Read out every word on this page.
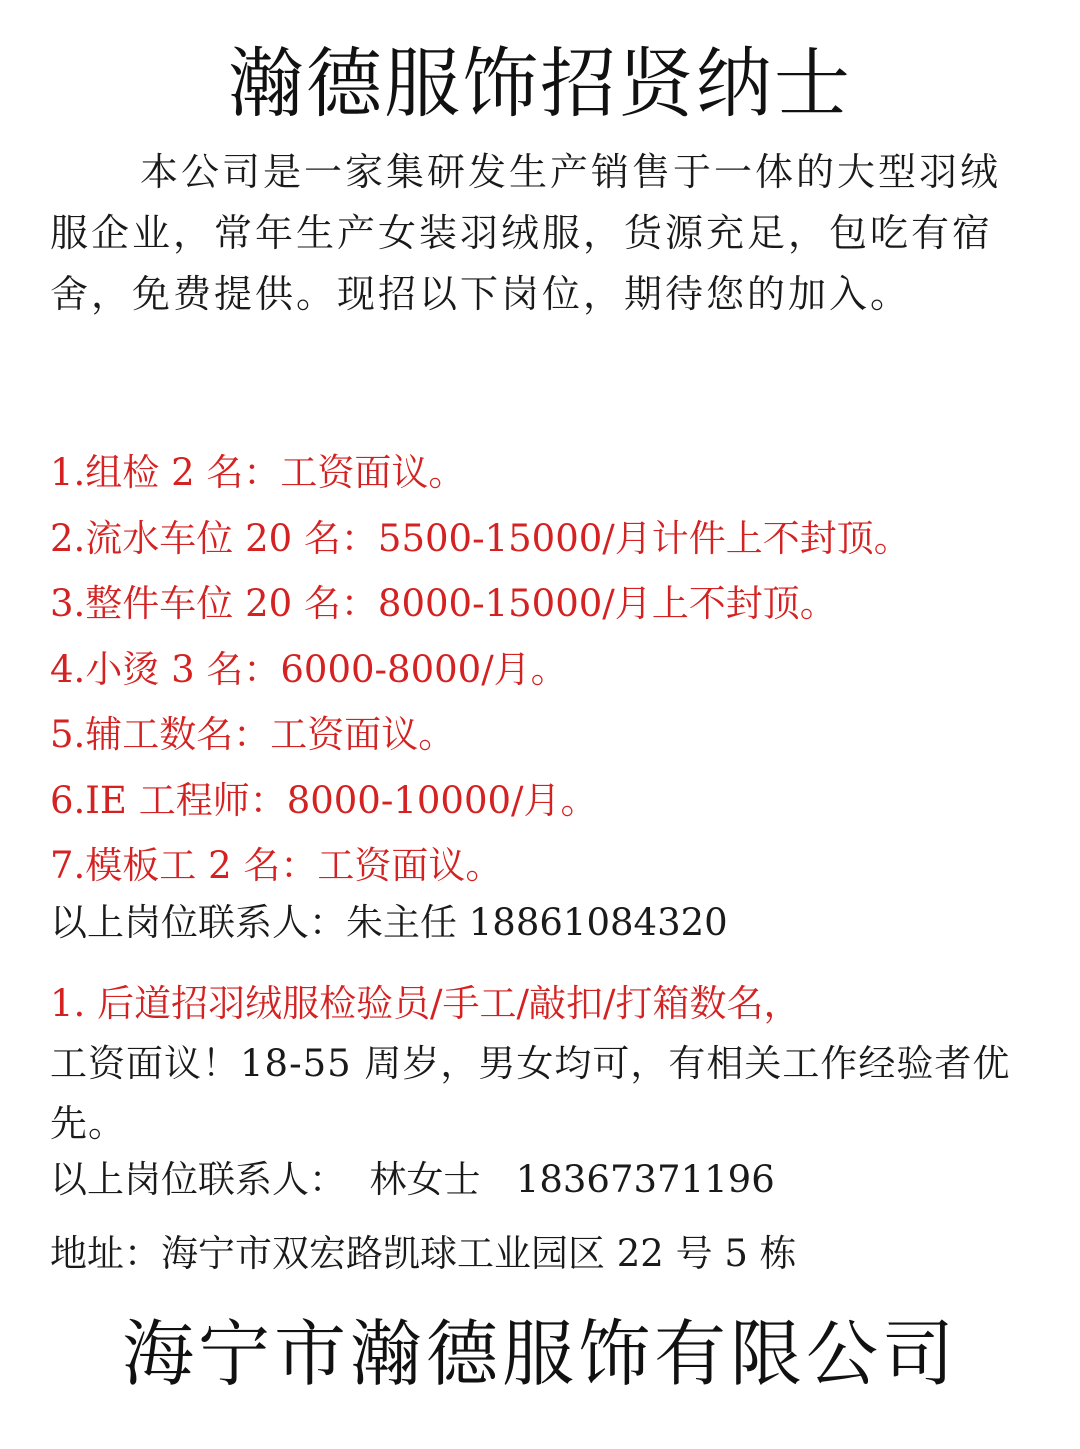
瀚德服饰招贤纳士

本公司是一家集研发生产销售于一体的大型羽绒服企业，常年生产女装羽绒服，货源充足，包吃有宿舍，免费提供。现招以下岗位，期待您的加入。

1.组检 2 名：工资面议。
2.流水车位 20 名：5500-15000/月计件上不封顶。
3.整件车位 20 名：8000-15000/月上不封顶。
4.小烫 3 名：6000-8000/月。
5.辅工数名：工资面议。
6.IE 工程师：8000-10000/月。
7.模板工 2 名：工资面议。
以上岗位联系人：朱主任 18861084320
1. 后道招羽绒服检验员/手工/敲扣/打箱数名，
工资面议！18-55 周岁，男女均可，有相关工作经验者优先。
以上岗位联系人：  林女士   18367371196
地址：海宁市双宏路凯球工业园区 22 号 5 栋
海宁市瀚德服饰有限公司
